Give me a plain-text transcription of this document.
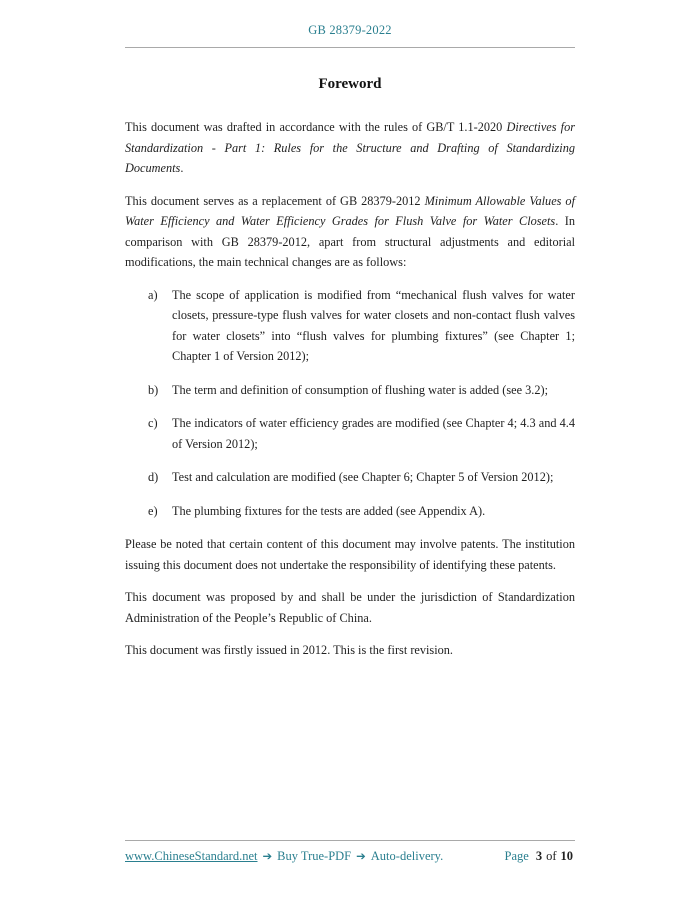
GB 28379-2022
Foreword

This document was drafted in accordance with the rules of GB/T 1.1-2020 Directives for Standardization - Part 1: Rules for the Structure and Drafting of Standardizing Documents.

This document serves as a replacement of GB 28379-2012 Minimum Allowable Values of Water Efficiency and Water Efficiency Grades for Flush Valve for Water Closets. In comparison with GB 28379-2012, apart from structural adjustments and editorial modifications, the main technical changes are as follows:

a)	The scope of application is modified from “mechanical flush valves for water closets, pressure-type flush valves for water closets and non-contact flush valves for water closets” into “flush valves for plumbing fixtures” (see Chapter 1; Chapter 1 of Version 2012);
b)	The term and definition of consumption of flushing water is added (see 3.2);
c)	The indicators of water efficiency grades are modified (see Chapter 4; 4.3 and 4.4 of Version 2012);
d)	Test and calculation are modified (see Chapter 6; Chapter 5 of Version 2012);
e)	The plumbing fixtures for the tests are added (see Appendix A).

Please be noted that certain content of this document may involve patents. The institution issuing this document does not undertake the responsibility of identifying these patents.

This document was proposed by and shall be under the jurisdiction of Standardization Administration of the People’s Republic of China.

This document was firstly issued in 2012. This is the first revision.

www.ChineseStandard.net ➔ Buy True-PDF ➔ Auto-delivery.	Page 3 of 10
